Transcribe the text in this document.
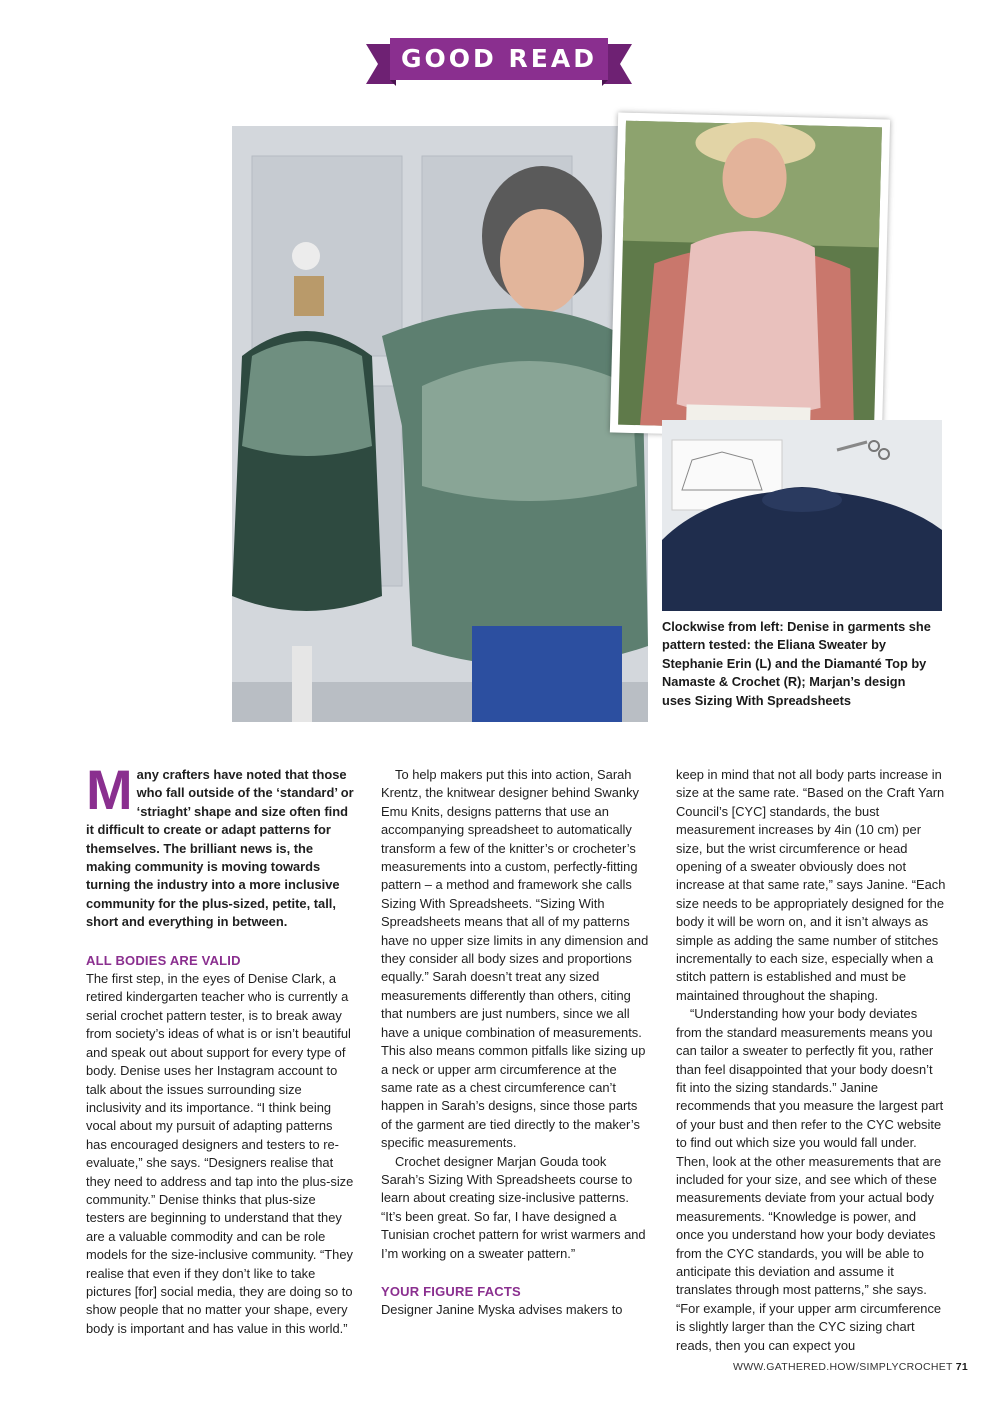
GOOD READ

Clockwise from left: Denise in garments she pattern tested: the Eliana Sweater by Stephanie Erin (L) and the Diamanté Top by Namaste & Crochet (R); Marjan’s design uses Sizing With Spreadsheets

Many crafters have noted that those who fall outside of the ‘standard’ or ‘striaght’ shape and size often find it difficult to create or adapt patterns for themselves. The brilliant news is, the making community is moving towards turning the industry into a more inclusive community for the plus-sized, petite, tall, short and everything in between.

ALL BODIES ARE VALID

The first step, in the eyes of Denise Clark, a retired kindergarten teacher who is currently a serial crochet pattern tester, is to break away from society’s ideas of what is or isn’t beautiful and speak out about support for every type of body. Denise uses her Instagram account to talk about the issues surrounding size inclusivity and its importance. “I think being vocal about my pursuit of adapting patterns has encouraged designers and testers to re-evaluate,” she says. “Designers realise that they need to address and tap into the plus-size community.” Denise thinks that plus-size testers are beginning to understand that they are a valuable commodity and can be role models for the size-inclusive community. “They realise that even if they don’t like to take pictures [for] social media, they are doing so to show people that no matter your shape, every body is important and has value in this world.”

To help makers put this into action, Sarah Krentz, the knitwear designer behind Swanky Emu Knits, designs patterns that use an accompanying spreadsheet to automatically transform a few of the knitter’s or crocheter’s measurements into a custom, perfectly-fitting pattern – a method and framework she calls Sizing With Spreadsheets. “Sizing With Spreadsheets means that all of my patterns have no upper size limits in any dimension and they consider all body sizes and proportions equally.” Sarah doesn’t treat any sized measurements differently than others, citing that numbers are just numbers, since we all have a unique combination of measurements. This also means common pitfalls like sizing up a neck or upper arm circumference at the same rate as a chest circumference can’t happen in Sarah’s designs, since those parts of the garment are tied directly to the maker’s specific measurements.

Crochet designer Marjan Gouda took Sarah’s Sizing With Spreadsheets course to learn about creating size-inclusive patterns. “It’s been great. So far, I have designed a Tunisian crochet pattern for wrist warmers and I’m working on a sweater pattern.”

YOUR FIGURE FACTS

Designer Janine Myska advises makers to

keep in mind that not all body parts increase in size at the same rate. “Based on the Craft Yarn Council’s [CYC] standards, the bust measurement increases by 4in (10 cm) per size, but the wrist circumference or head opening of a sweater obviously does not increase at that same rate,” says Janine. “Each size needs to be appropriately designed for the body it will be worn on, and it isn’t always as simple as adding the same number of stitches incrementally to each size, especially when a stitch pattern is established and must be maintained throughout the shaping.

“Understanding how your body deviates from the standard measurements means you can tailor a sweater to perfectly fit you, rather than feel disappointed that your body doesn’t fit into the sizing standards.” Janine recommends that you measure the largest part of your bust and then refer to the CYC website to find out which size you would fall under. Then, look at the other measurements that are included for your size, and see which of these measurements deviate from your actual body measurements. “Knowledge is power, and once you understand how your body deviates from the CYC standards, you will be able to anticipate this deviation and assume it translates through most patterns,” she says. “For example, if your upper arm circumference is slightly larger than the CYC sizing chart reads, then you can expect you

WWW.GATHERED.HOW/SIMPLYCROCHET 71
